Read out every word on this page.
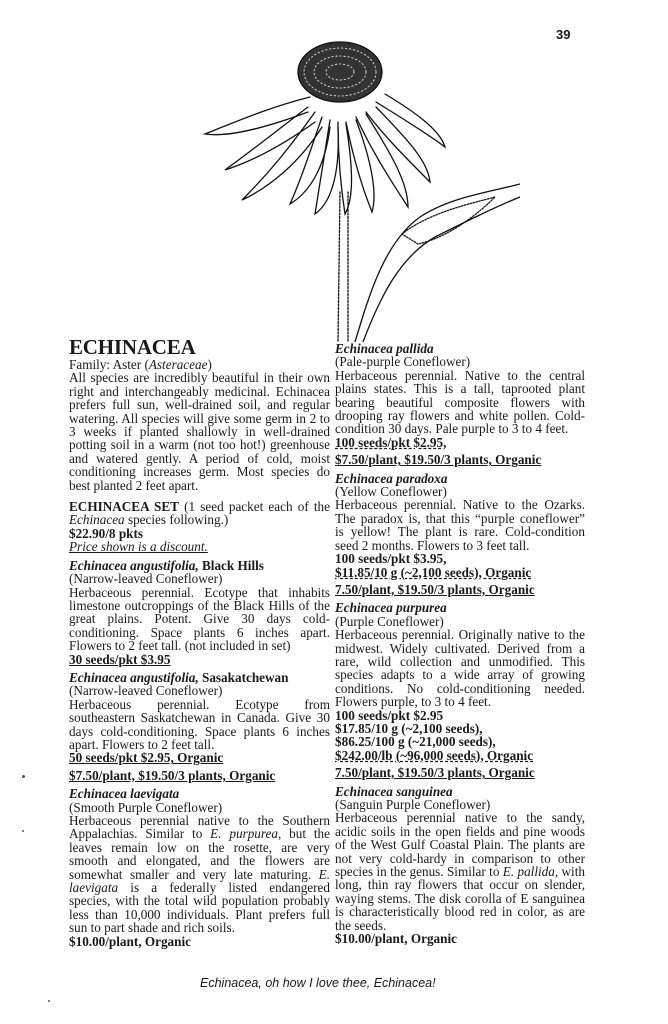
39
ECHINACEA

Family: Aster (Asteraceae)

All species are incredibly beautiful in their own right and interchangeably medicinal. Echinacea prefers full sun, well-drained soil, and regular watering. All species will give some germ in 2 to 3 weeks if planted shallowly in well-drained potting soil in a warm (not too hot!) greenhouse and watered gently. A period of cold, moist conditioning increases germ. Most species do best planted 2 feet apart.

ECHINACEA SET (1 seed packet each of the Echinacea species following.)

$22.90/8 pkts

Price shown is a discount.

Echinacea angustifolia, Black Hills

(Narrow-leaved Coneflower)

Herbaceous perennial. Ecotype that inhabits limestone outcroppings of the Black Hills of the great plains. Potent. Give 30 days cold-conditioning. Space plants 6 inches apart. Flowers to 2 feet tall. (not included in set)

30 seeds/pkt $3.95

Echinacea angustifolia, Sasakatchewan

(Narrow-leaved Coneflower)

Herbaceous perennial. Ecotype from southeastern Saskatchewan in Canada. Give 30 days cold-conditioning. Space plants 6 inches apart. Flowers to 2 feet tall.

50 seeds/pkt $2.95, Organic

$7.50/plant, $19.50/3 plants, Organic

Echinacea laevigata

(Smooth Purple Coneflower)

Herbaceous perennial native to the Southern Appalachias. Similar to E. purpurea, but the leaves remain low on the rosette, are very smooth and elongated, and the flowers are somewhat smaller and very late maturing. E. laevigata is a federally listed endangered species, with the total wild population probably less than 10,000 individuals. Plant prefers full sun to part shade and rich soils.

$10.00/plant, Organic

Echinacea pallida

(Pale-purple Coneflower)

Herbaceous perennial. Native to the central plains states. This is a tall, taprooted plant bearing beautiful composite flowers with drooping ray flowers and white pollen. Cold-condition 30 days. Pale purple to 3 to 4 feet.

100 seeds/pkt $2.95,

$7.50/plant, $19.50/3 plants, Organic

Echinacea paradoxa

(Yellow Coneflower)

Herbaceous perennial. Native to the Ozarks. The paradox is, that this “purple coneflower” is yellow! The plant is rare. Cold-condition seed 2 months. Flowers to 3 feet tall.

100 seeds/pkt $3.95,

$11.85/10 g (~2,100 seeds), Organic

7.50/plant, $19.50/3 plants, Organic

Echinacea purpurea

(Purple Coneflower)

Herbaceous perennial. Originally native to the midwest. Widely cultivated. Derived from a rare, wild collection and unmodified. This species adapts to a wide array of growing conditions. No cold-conditioning needed. Flowers purple, to 3 to 4 feet.

100 seeds/pkt $2.95

$17.85/10 g (~2,100 seeds),

$86.25/100 g (~21,000 seeds),

$242.00/lb (~96,000 seeds), Organic

7.50/plant, $19.50/3 plants, Organic

Echinacea sanguinea

(Sanguin Purple Coneflower)

Herbaceous perennial native to the sandy, acidic soils in the open fields and pine woods of the West Gulf Coastal Plain. The plants are not very cold-hardy in comparison to other species in the genus. Similar to E. pallida, with long, thin ray flowers that occur on slender, waying stems. The disk corolla of E sanguinea is characteristically blood red in color, as are the seeds.

$10.00/plant, Organic

Echinacea, oh how I love thee, Echinacea!
